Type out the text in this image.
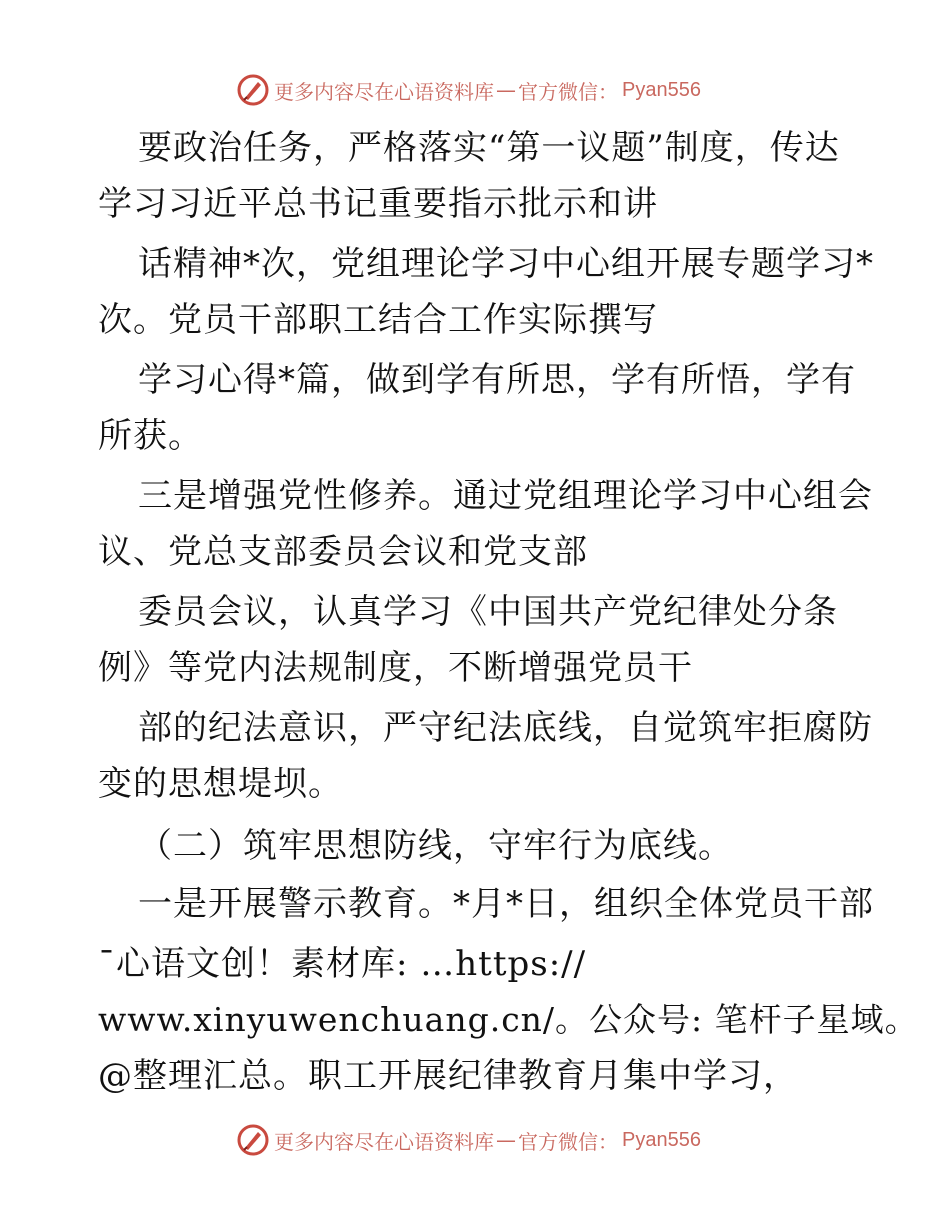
更多内容尽在心语资料库 — 官方微信： Pyan556
要政治任务，严格落实“第一议题”制度，传达
学习习近平总书记重要指示批示和讲
话精神*次，党组理论学习中心组开展专题学习*
次。党员干部职工结合工作实际撰写
学习心得*篇，做到学有所思，学有所悟，学有
所获。
三是增强党性修养。通过党组理论学习中心组会
议、党总支部委员会议和党支部
委员会议，认真学习《中国共产党纪律处分条
例》等党内法规制度，不断增强党员干
部的纪法意识，严守纪法底线，自觉筑牢拒腐防
变的思想堤坝。
（二）筑牢思想防线，守牢行为底线。
一是开展警示教育。*月*日，组织全体党员干部
¯心语文创！素材库: …https://
www.xinyuwenchuang.cn/。公众号: 笔杆子星域。
@整理汇总。职工开展纪律教育月集中学习，
更多内容尽在心语资料库 — 官方微信： Pyan556
